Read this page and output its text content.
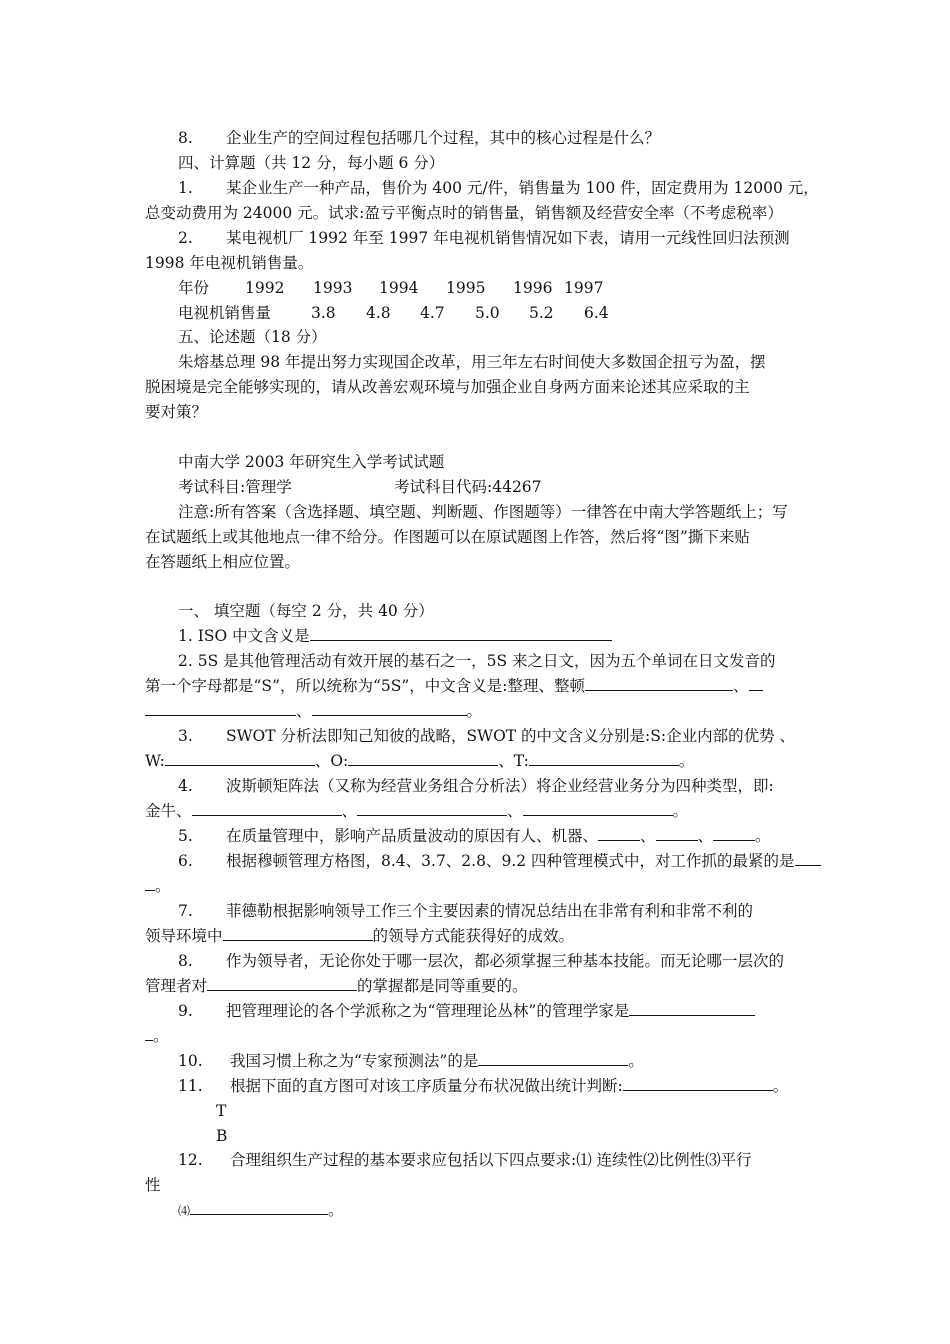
8. 企业生产的空间过程包括哪几个过程，其中的核心过程是什么？
四、计算题（共 12 分，每小题 6 分）
1. 某企业生产一种产品，售价为 400 元/件，销售量为 100 件，固定费用为 12000 元，
总变动费用为 24000 元。试求:盈亏平衡点时的销售量，销售额及经营安全率（不考虑税率）
2. 某电视机厂 1992 年至 1997 年电视机销售情况如下表，请用一元线性回归法预测
1998 年电视机销售量。
年份 1992 1993 1994 1995 1996 1997
电视机销售量	3.8 4.8 4.7 5.0 5.2 6.4
五、论述题（18 分）
朱熔基总理 98 年提出努力实现国企改革，用三年左右时间使大多数国企扭亏为盈，摆
脱困境是完全能够实现的，请从改善宏观环境与加强企业自身两方面来论述其应采取的主
要对策？
中南大学 2003 年研究生入学考试试题
考试科目:管理学	考试科目代码:44267
注意:所有答案（含选择题、填空题、判断题、作图题等）一律答在中南大学答题纸上；写
在试题纸上或其他地点一律不给分。作图题可以在原试题图上作答，然后将“图”撕下来贴
在答题纸上相应位置。
一、 填空题（每空 2 分，共 40 分）
1. ISO 中文含义是
2. 5S 是其他管理活动有效开展的基石之一，5S 来之日文，因为五个单词在日文发音的
第一个字母都是“S”，所以统称为“5S”，中文含义是:整理、整顿	、
、	。
3. SWOT 分析法即知己知彼的战略，SWOT 的中文含义分别是:S:企业内部的优势 、
W:	、O:	、T:	。
4. 波斯顿矩阵法（又称为经营业务组合分析法）将企业经营业务分为四种类型，即:
金牛、	、	、	。
5. 在质量管理中，影响产品质量波动的原因有人、机器、	、	、	。
6. 根据穆顿管理方格图，8.4、3.7、2.8、9.2 四种管理模式中，对工作抓的最紧的是
。
7. 菲德勒根据影响领导工作三个主要因素的情况总结出在非常有利和非常不利的
领导环境中	的领导方式能获得好的成效。
8. 作为领导者，无论你处于哪一层次，都必须掌握三种基本技能。而无论哪一层次的
管理者对	的掌握都是同等重要的。
9. 把管理理论的各个学派称之为“管理理论丛林”的管理学家是
。
10. 我国习惯上称之为“专家预测法”的是	。
11. 根据下面的直方图可对该工序质量分布状况做出统计判断:	。
T
B
12. 合理组织生产过程的基本要求应包括以下四点要求:⑴ 连续性⑵比例性⑶平行
性
⑷	。
